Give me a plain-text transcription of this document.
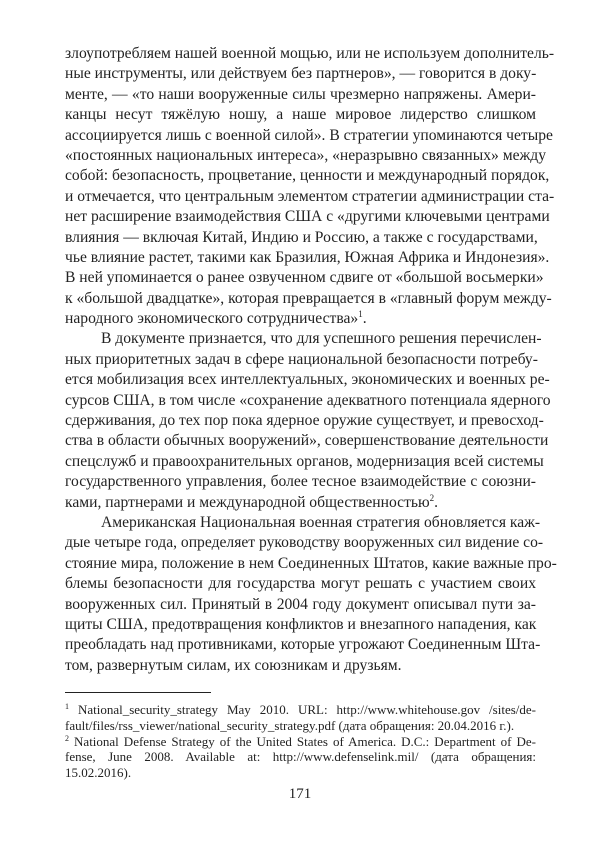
злоупотребляем нашей военной мощью, или не используем дополнитель-
ные инструменты, или действуем без партнеров», — говорится в доку-
менте, — «то наши вооруженные силы чрезмерно напряжены. Амери-
канцы несут тяжёлую ношу, а наше мировое лидерство слишком
ассоциируется лишь с военной силой». В стратегии упоминаются четыре
«постоянных национальных интереса», «неразрывно связанных» между
собой: безопасность, процветание, ценности и международный порядок,
и отмечается, что центральным элементом стратегии администрации ста-
нет расширение взаимодействия США с «другими ключевыми центрами
влияния — включая Китай, Индию и Россию, а также с государствами,
чье влияние растет, такими как Бразилия, Южная Африка и Индонезия».
В ней упоминается о ранее озвученном сдвиге от «большой восьмерки»
к «большой двадцатке», которая превращается в «главный форум между-
народного экономического сотрудничества»$^1$.
В документе признается, что для успешного решения перечислен-
ных приоритетных задач в сфере национальной безопасности потребу-
ется мобилизация всех интеллектуальных, экономических и военных ре-
сурсов США, в том числе «сохранение адекватного потенциала ядерного
сдерживания, до тех пор пока ядерное оружие существует, и превосход-
ства в области обычных вооружений», совершенствование деятельности
спецслужб и правоохранительных органов, модернизация всей системы
государственного управления, более тесное взаимодействие с союзни-
ками, партнерами и международной общественностью$^2$.
Американская Национальная военная стратегия обновляется каж-
дые четыре года, определяет руководству вооруженных сил видение со-
стояние мира, положение в нем Соединенных Штатов, какие важные про-
блемы безопасности для государства могут решать с участием своих
вооруженных сил. Принятый в 2004 году документ описывал пути за-
щиты США, предотвращения конфликтов и внезапного нападения, как
преобладать над противниками, которые угрожают Соединенным Шта-
том, развернутым силам, их союзникам и друзьям.
$^1$ National_security_strategy May 2010. URL: http://www.whitehouse.gov /sites/de-
fault/files/rss_viewer/national_security_strategy.pdf (дата обращения: 20.04.2016 г.).
$^2$ National Defense Strategy of the United States of America. D.C.: Department of De-
fense, June 2008. Available at: http://www.defenselink.mil/ (дата обращения:
15.02.2016).
171
